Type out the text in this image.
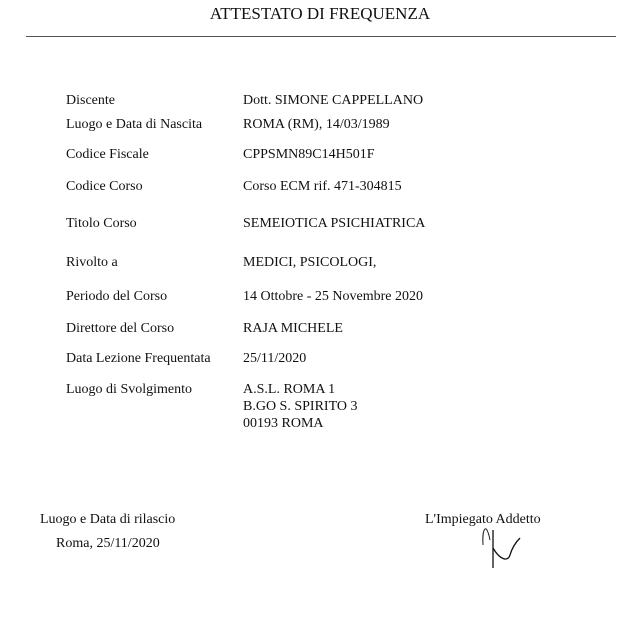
ATTESTATO DI FREQUENZA
Discente	Dott. SIMONE CAPPELLANO
Luogo e Data di Nascita	ROMA (RM), 14/03/1989
Codice Fiscale	CPPSMN89C14H501F
Codice Corso	Corso ECM rif. 471-304815
Titolo Corso	SEMEIOTICA PSICHIATRICA
Rivolto a	MEDICI, PSICOLOGI,
Periodo del Corso	14 Ottobre - 25 Novembre 2020
Direttore del Corso	RAJA MICHELE
Data Lezione Frequentata 25/11/2020
Luogo di Svolgimento	A.S.L. ROMA 1
B.GO S. SPIRITO 3
00193 ROMA
Luogo e Data di rilascio
Roma, 25/11/2020
L'Impiegato Addetto
